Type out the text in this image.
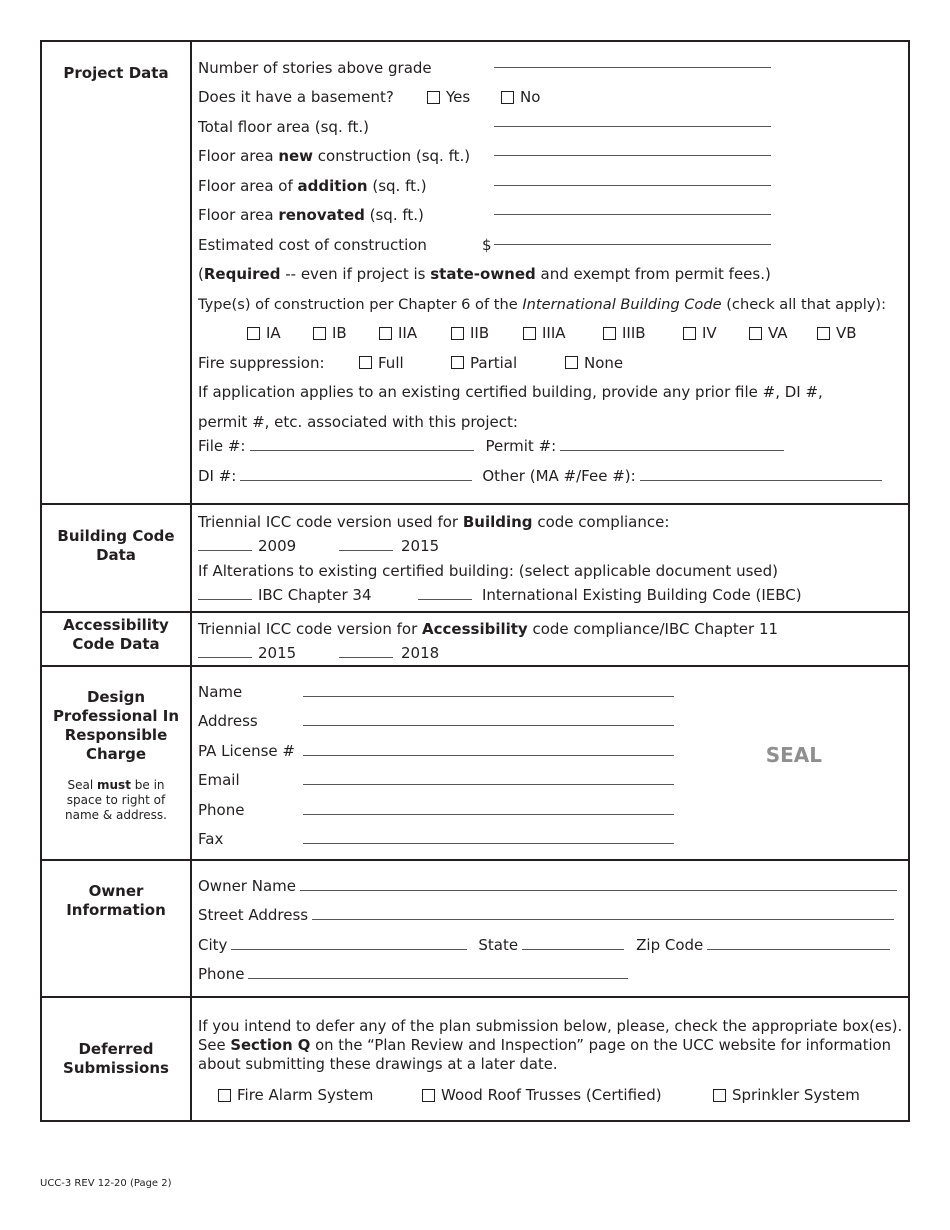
Project Data	Number of stories above grade
Does it have a basement?	Yes	No
Total floor area (sq. ft.)
Floor area new construction (sq. ft.)
Floor area of addition (sq. ft.)
Floor area renovated (sq. ft.)
Estimated cost of construction	$
(Required -- even if project is state-owned and exempt from permit fees.)
Type(s) of construction per Chapter 6 of the International Building Code (check all that apply):
IA	IB	IIA	IIB	IIIA	IIIB	IV	VA	VB
Fire suppression:	Full	Partial	None
If application applies to an existing certified building, provide any prior file #, DI #,
permit #, etc. associated with this project:
File #:	Permit #:
DI #:	Other (MA #/Fee #):
Building Code Data
Triennial ICC code version used for Building code compliance:
2009	2015
If Alterations to existing certified building: (select applicable document used)
IBC Chapter 34	International Existing Building Code (IEBC)
Accessibility Code Data
Triennial ICC code version for Accessibility code compliance/IBC Chapter 11
2015	2018
Design Professional In Responsible Charge
Seal must be in space to right of name & address.
Name
Address
PA License #
Email
Phone
Fax
SEAL
Owner Information
Owner Name
Street Address
City	State	Zip Code
Phone
Deferred Submissions
If you intend to defer any of the plan submission below, please, check the appropriate box(es). See Section Q on the “Plan Review and Inspection” page on the UCC website for information about submitting these drawings at a later date.
Fire Alarm System	Wood Roof Trusses (Certified)	Sprinkler System
UCC-3 REV 12-20 (Page 2)
